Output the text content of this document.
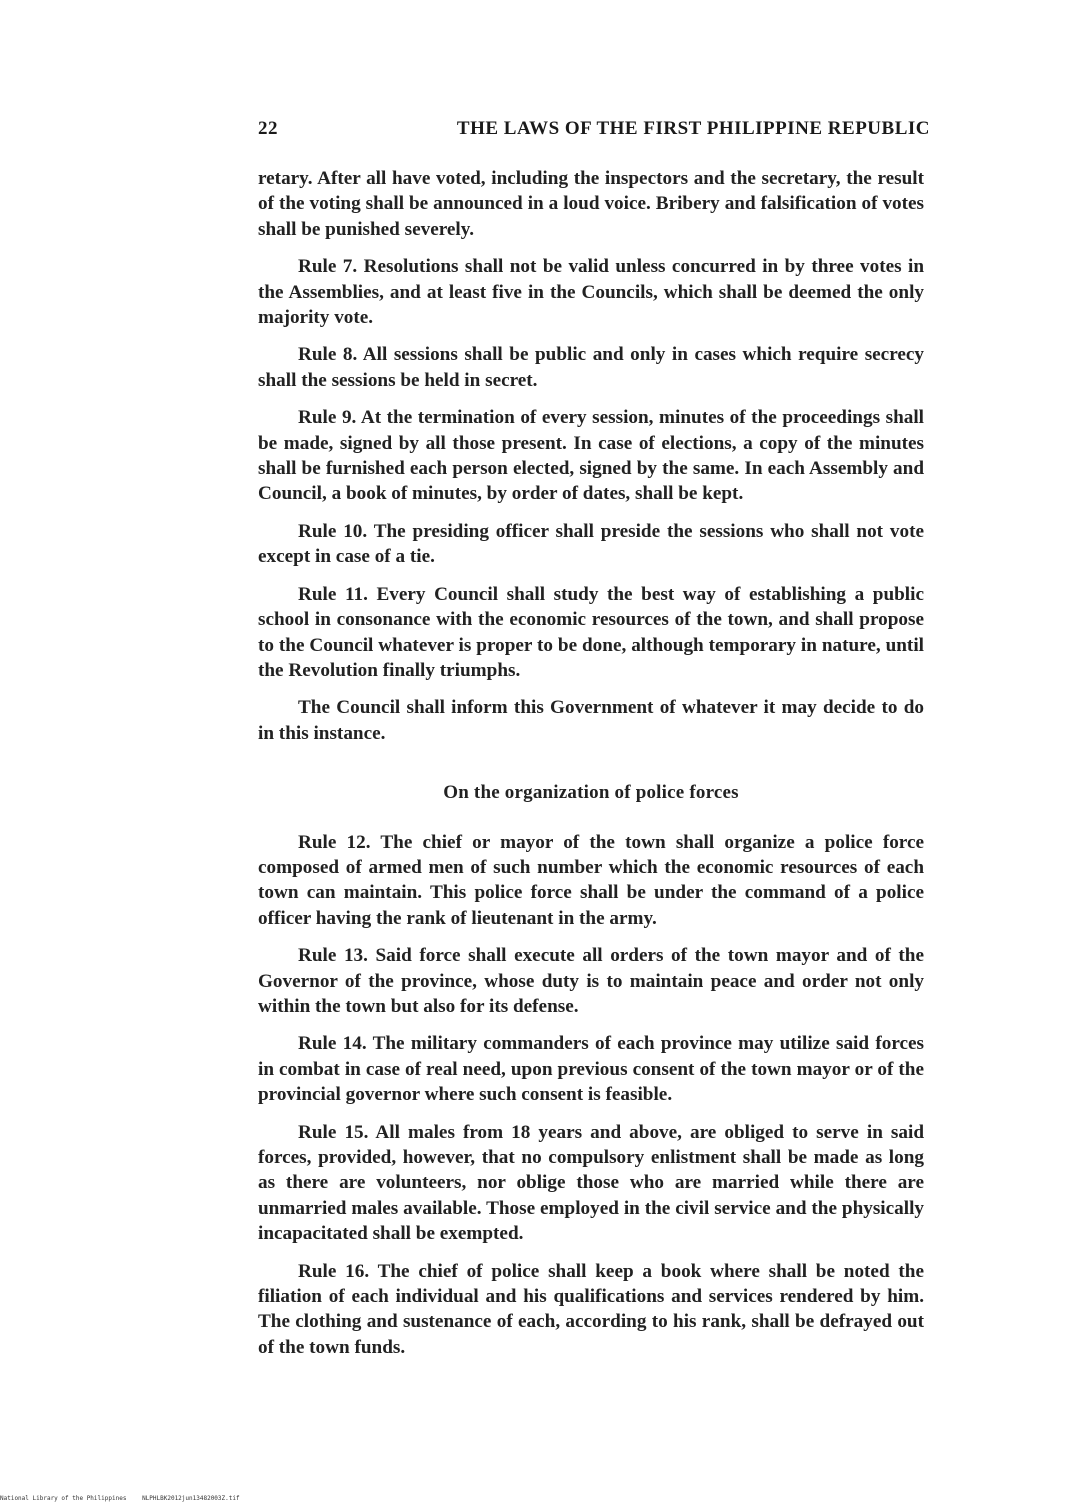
22	THE LAWS OF THE FIRST PHILIPPINE REPUBLIC

retary. After all have voted, including the inspectors and the secretary, the result of the voting shall be announced in a loud voice. Bribery and falsification of votes shall be punished severely.

Rule 7. Resolutions shall not be valid unless concurred in by three votes in the Assemblies, and at least five in the Councils, which shall be deemed the only majority vote.

Rule 8. All sessions shall be public and only in cases which require secrecy shall the sessions be held in secret.

Rule 9. At the termination of every session, minutes of the proceedings shall be made, signed by all those present. In case of elections, a copy of the minutes shall be furnished each person elected, signed by the same. In each Assembly and Council, a book of minutes, by order of dates, shall be kept.

Rule 10. The presiding officer shall preside the sessions who shall not vote except in case of a tie.

Rule 11. Every Council shall study the best way of establishing a public school in consonance with the economic resources of the town, and shall propose to the Council whatever is proper to be done, although temporary in nature, until the Revolution finally triumphs.

The Council shall inform this Government of whatever it may decide to do in this instance.

On the organization of police forces

Rule 12. The chief or mayor of the town shall organize a police force composed of armed men of such number which the economic resources of each town can maintain. This police force shall be under the command of a police officer having the rank of lieutenant in the army.

Rule 13. Said force shall execute all orders of the town mayor and of the Governor of the province, whose duty is to maintain peace and order not only within the town but also for its defense.

Rule 14. The military commanders of each province may utilize said forces in combat in case of real need, upon previous consent of the town mayor or of the provincial governor where such consent is feasible.

Rule 15. All males from 18 years and above, are obliged to serve in said forces, provided, however, that no compulsory enlistment shall be made as long as there are volunteers, nor oblige those who are married while there are unmarried males available. Those employed in the civil service and the physically incapacitated shall be exempted.

Rule 16. The chief of police shall keep a book where shall be noted the filiation of each individual and his qualifications and services rendered by him. The clothing and sustenance of each, according to his rank, shall be defrayed out of the town funds.

National Library of the Philippines	NLPHLBK2012jun13482003Z.tif
